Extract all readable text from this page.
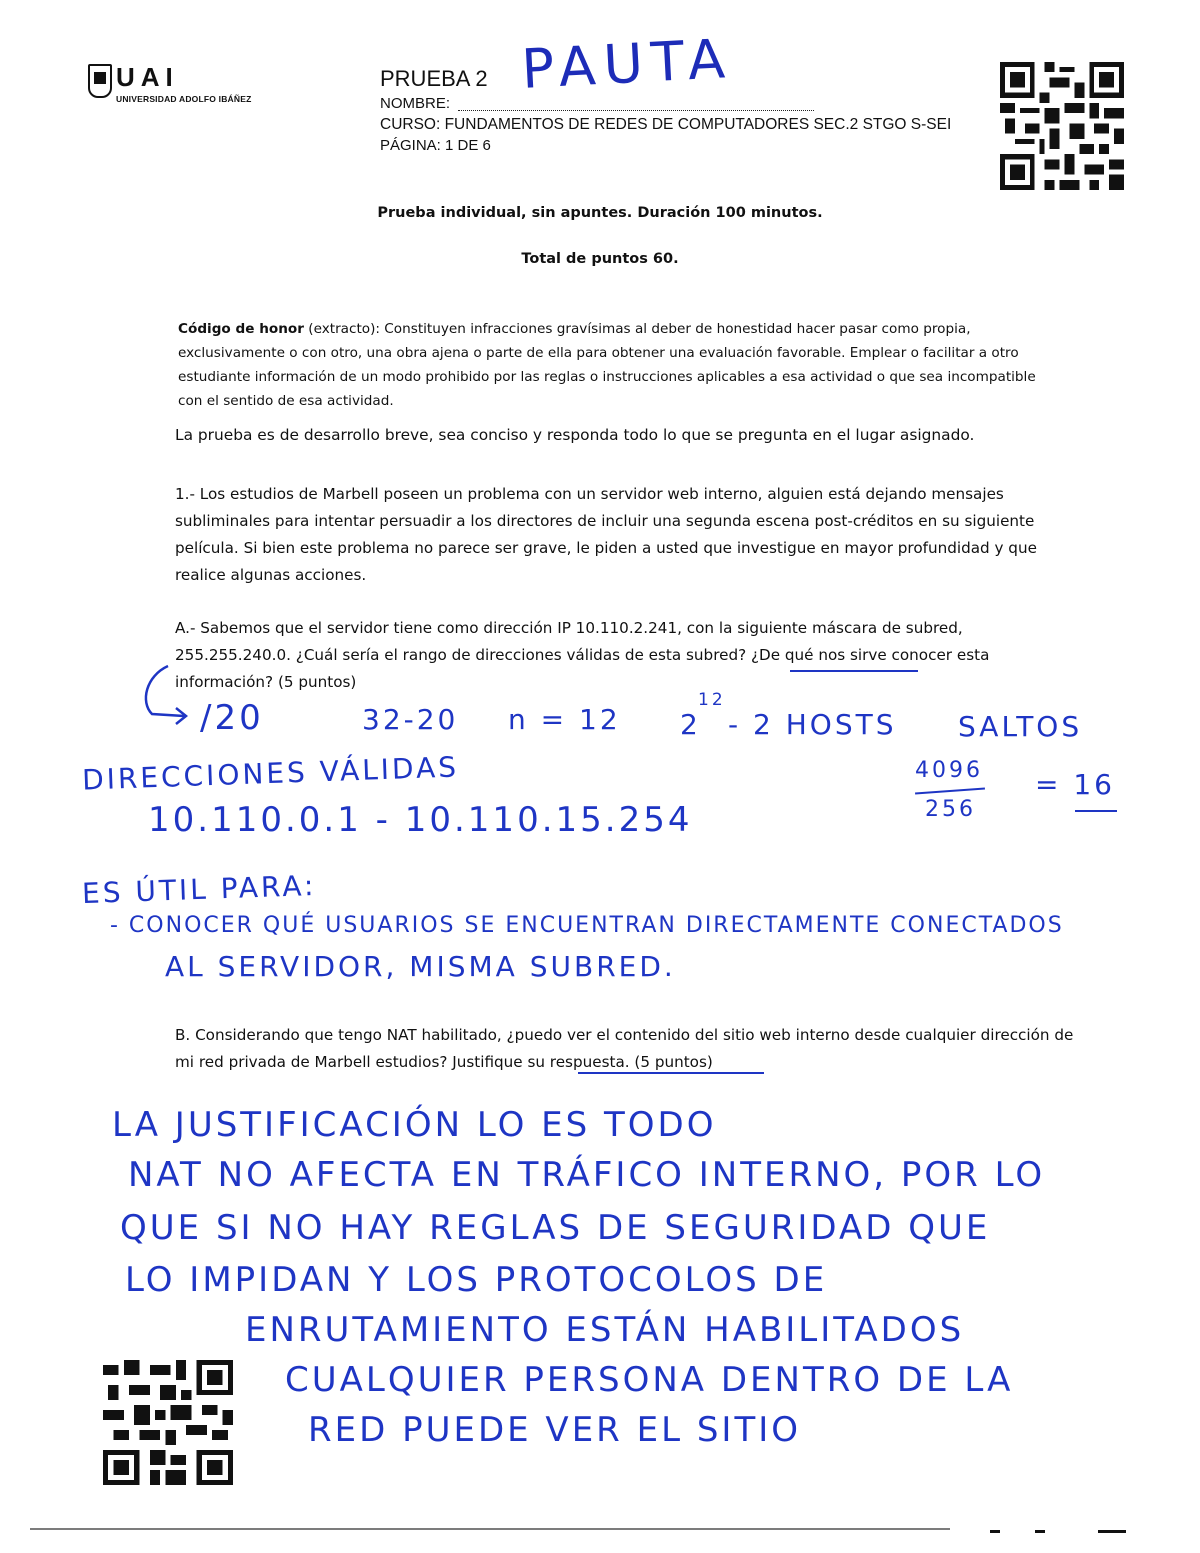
UAI
UNIVERSIDAD ADOLFO IBÁÑEZ
PRUEBA 2
NOMBRE:
PAUTA
CURSO: FUNDAMENTOS DE REDES DE COMPUTADORES SEC.2 STGO S-SEI
PÁGINA: 1 DE 6
Prueba individual, sin apuntes. Duración 100 minutos.
Total de puntos 60.
Código de honor (extracto): Constituyen infracciones gravísimas al deber de honestidad hacer pasar como propia, exclusivamente o con otro, una obra ajena o parte de ella para obtener una evaluación favorable. Emplear o facilitar a otro estudiante información de un modo prohibido por las reglas o instrucciones aplicables a esa actividad o que sea incompatible con el sentido de esa actividad.
La prueba es de desarrollo breve, sea conciso y responda todo lo que se pregunta en el lugar asignado.
1.- Los estudios de Marbell poseen un problema con un servidor web interno, alguien está dejando mensajes subliminales para intentar persuadir a los directores de incluir una segunda escena post-créditos en su siguiente película. Si bien este problema no parece ser grave, le piden a usted que investigue en mayor profundidad y que realice algunas acciones.
A.- Sabemos que el servidor tiene como dirección IP 10.110.2.241, con la siguiente máscara de subred, 255.255.240.0. ¿Cuál sería el rango de direcciones válidas de esta subred? ¿De qué nos sirve conocer esta información? (5 puntos)
/20	32-20 n = 12 2
12
- 2 HOSTS SALTOS
4096
256
= 16
DIRECCIONES VÁLIDAS
10.110.0.1 - 10.110.15.254
ES ÚTIL PARA:
- CONOCER QUÉ USUARIOS SE ENCUENTRAN DIRECTAMENTE CONECTADOS
AL SERVIDOR, MISMA SUBRED.
B. Considerando que tengo NAT habilitado, ¿puedo ver el contenido del sitio web interno desde cualquier dirección de mi red privada de Marbell estudios? Justifique su respuesta. (5 puntos)
LA JUSTIFICACIÓN LO ES TODO
NAT NO AFECTA EN TRÁFICO INTERNO, POR LO
QUE SI NO HAY REGLAS DE SEGURIDAD QUE
LO IMPIDAN Y LOS PROTOCOLOS DE
ENRUTAMIENTO ESTÁN HABILITADOS
CUALQUIER PERSONA DENTRO DE LA
RED PUEDE VER EL SITIO
